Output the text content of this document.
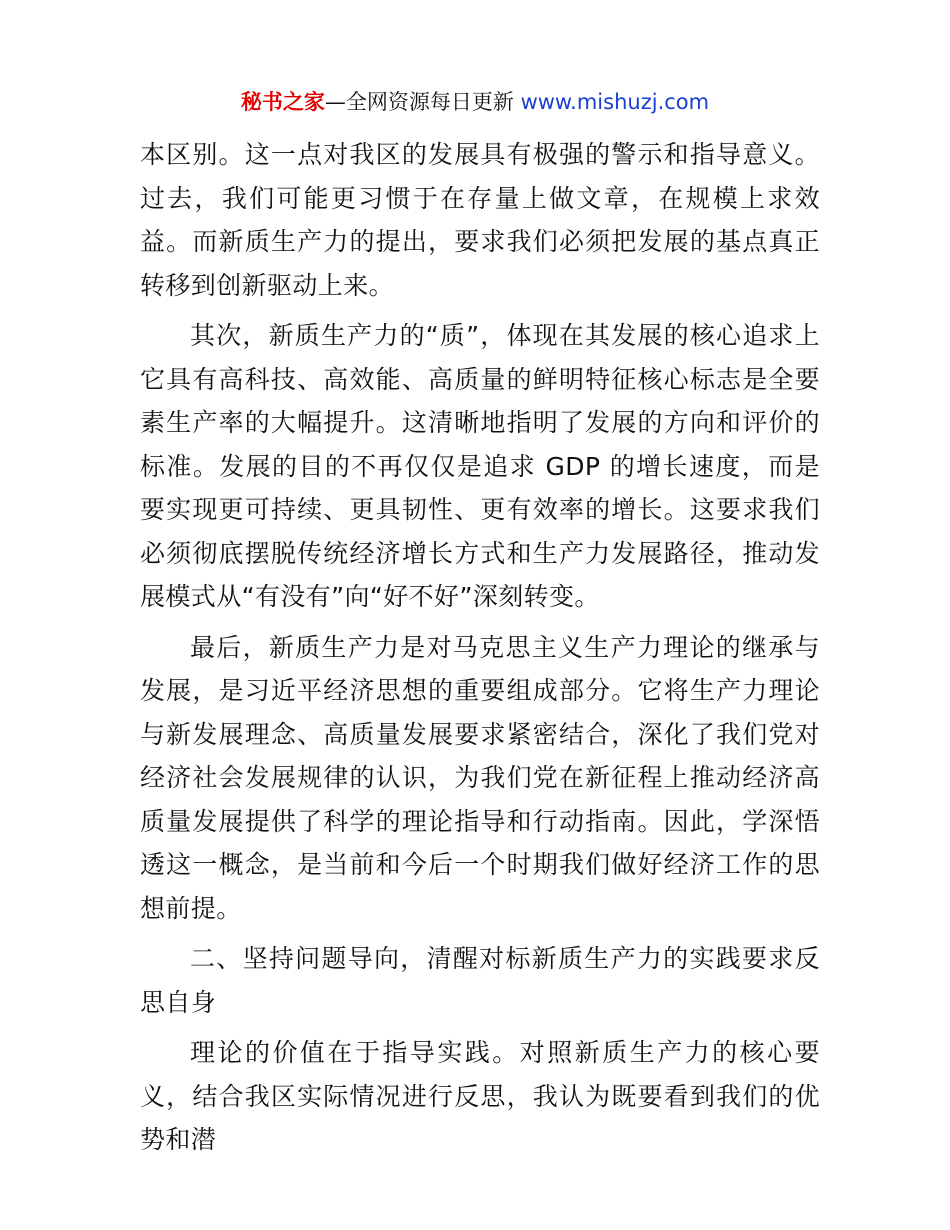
秘书之家—全网资源每日更新 www.mishuzj.com

本区别。这一点对我区的发展具有极强的警示和指导意义。过去，我们可能更习惯于在存量上做文章，在规模上求效益。而新质生产力的提出，要求我们必须把发展的基点真正转移到创新驱动上来。

其次，新质生产力的“质”，体现在其发展的核心追求上它具有高科技、高效能、高质量的鲜明特征核心标志是全要素生产率的大幅提升。这清晰地指明了发展的方向和评价的标准。发展的目的不再仅仅是追求 GDP 的增长速度，而是要实现更可持续、更具韧性、更有效率的增长。这要求我们必须彻底摆脱传统经济增长方式和生产力发展路径，推动发展模式从“有没有”向“好不好”深刻转变。

最后，新质生产力是对马克思主义生产力理论的继承与发展，是习近平经济思想的重要组成部分。它将生产力理论与新发展理念、高质量发展要求紧密结合，深化了我们党对经济社会发展规律的认识，为我们党在新征程上推动经济高质量发展提供了科学的理论指导和行动指南。因此，学深悟透这一概念，是当前和今后一个时期我们做好经济工作的思想前提。

二、坚持问题导向，清醒对标新质生产力的实践要求反思自身

理论的价值在于指导实践。对照新质生产力的核心要义，结合我区实际情况进行反思，我认为既要看到我们的优势和潜
